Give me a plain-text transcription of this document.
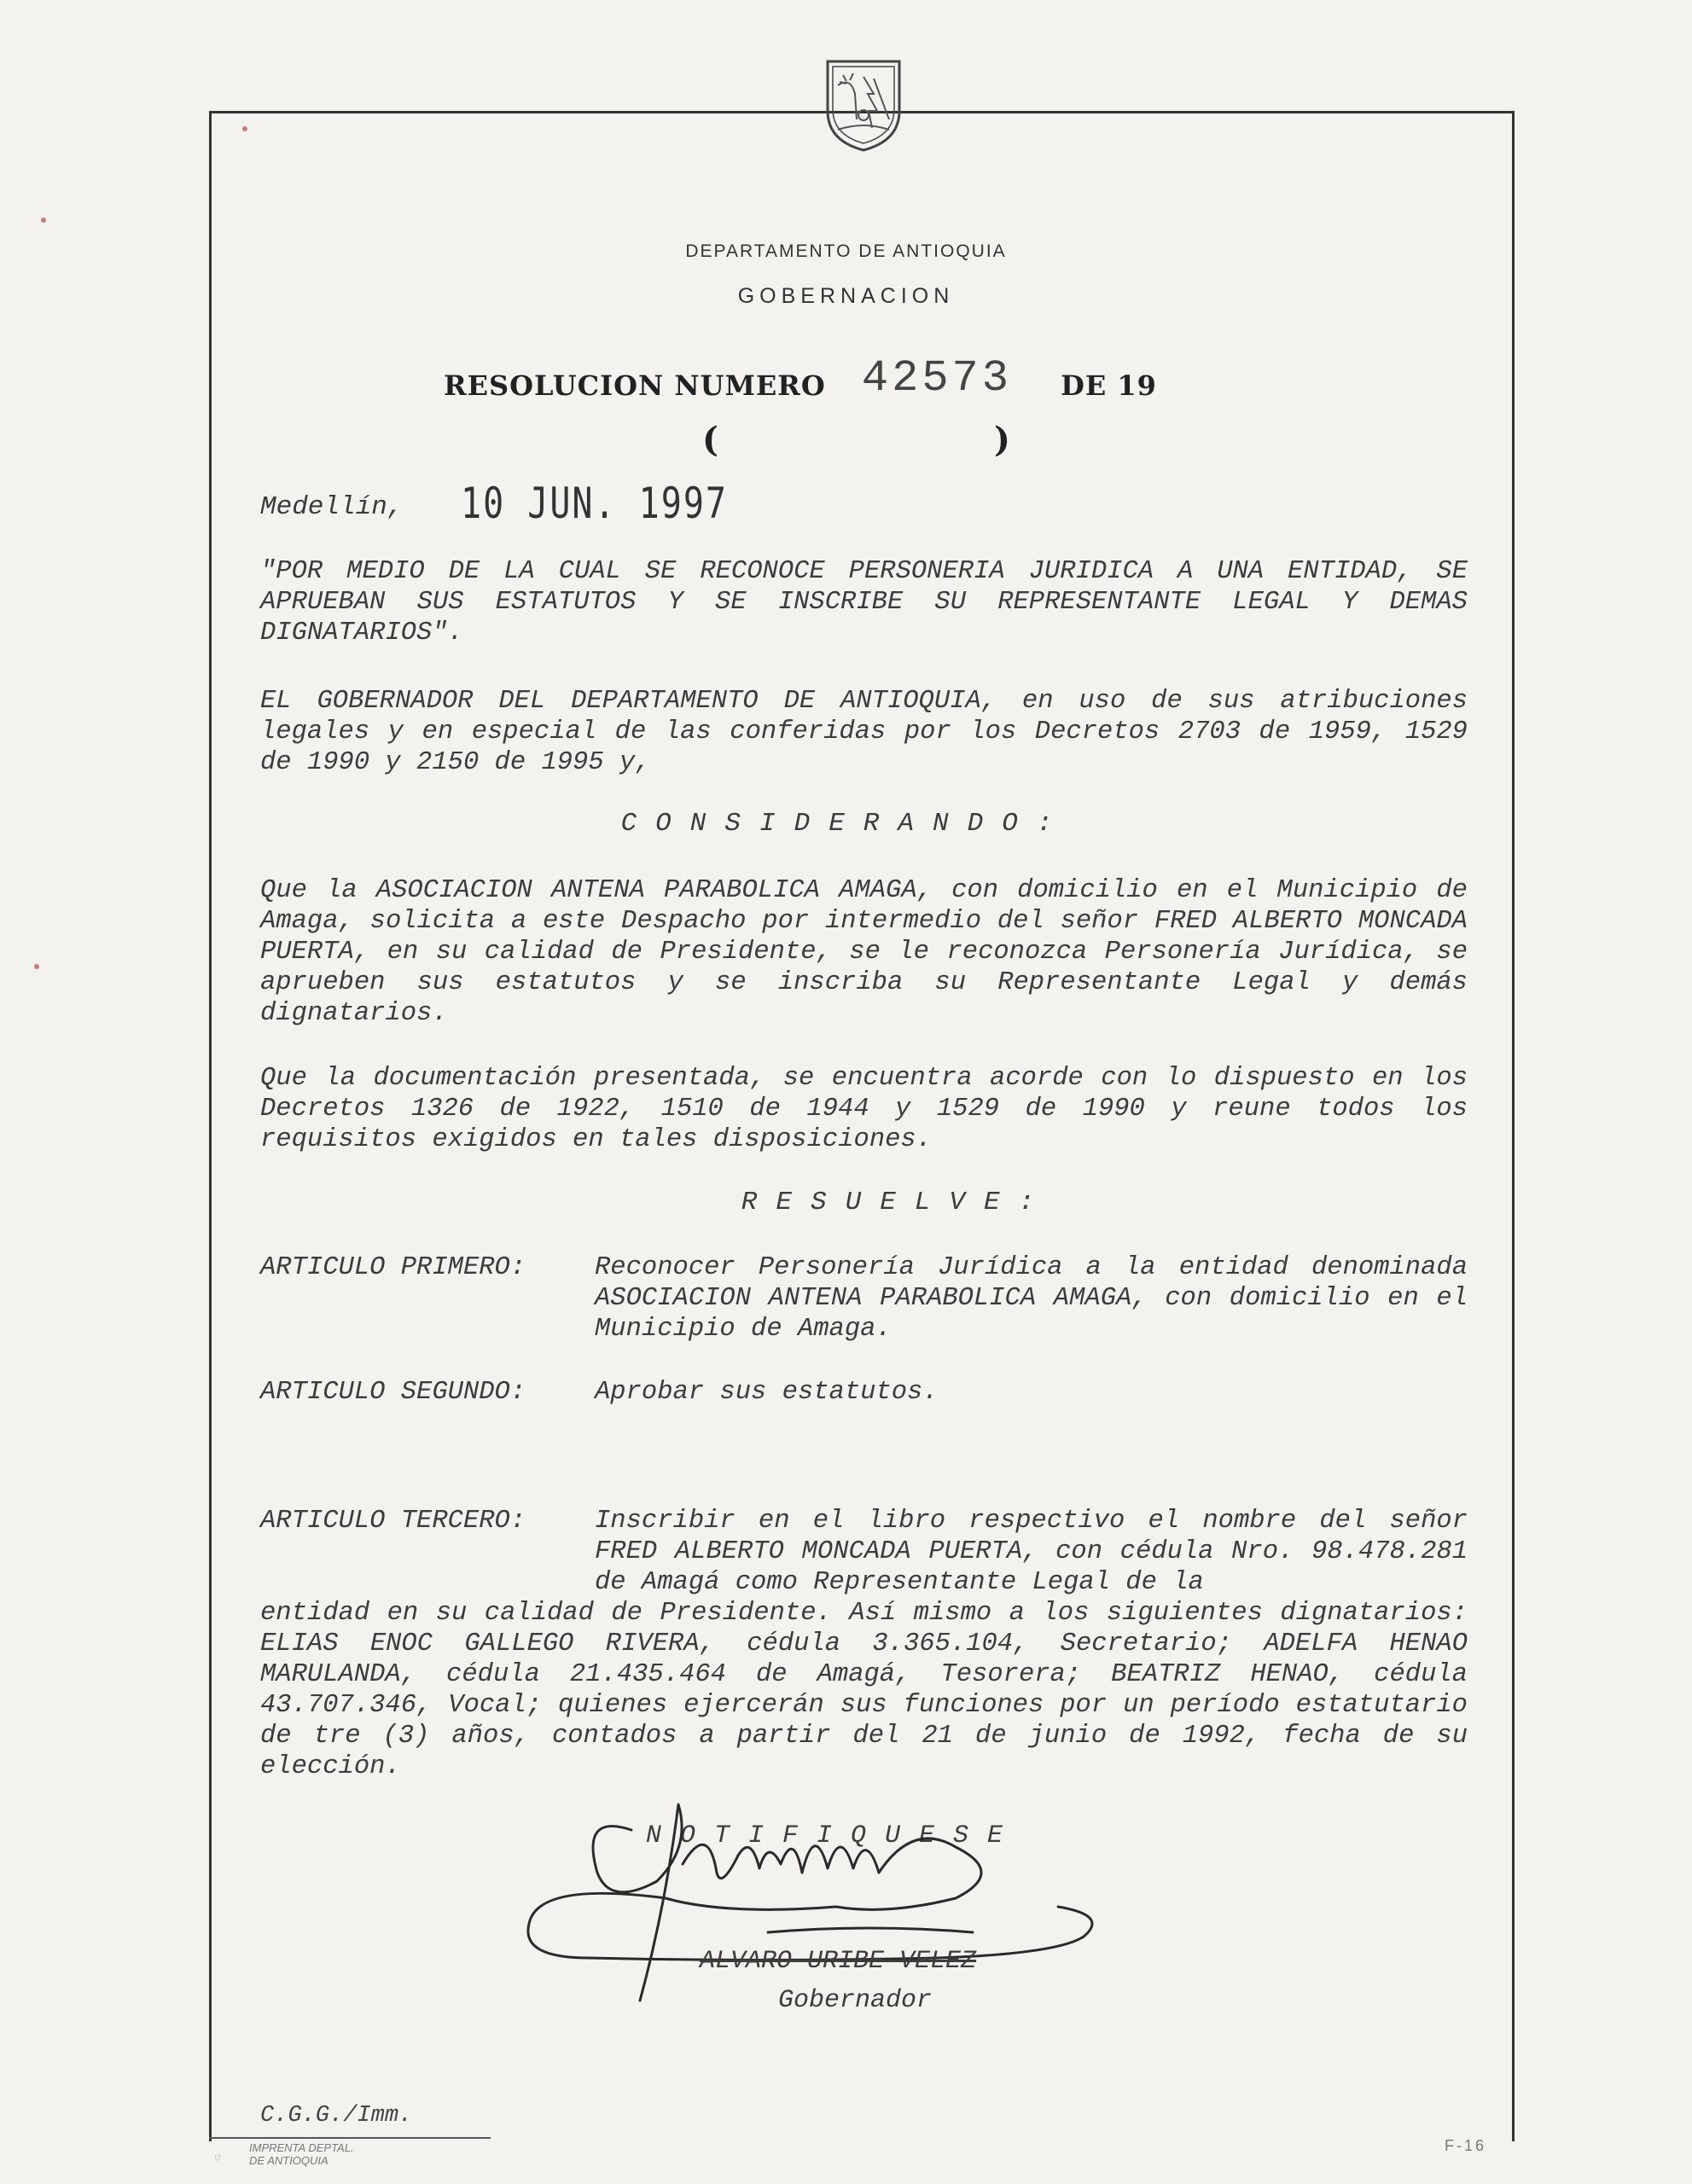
DEPARTAMENTO DE ANTIOQUIA
GOBERNACION
RESOLUCION NUMERO 42573 DE 19
(	)
Medellín, 10 JUN. 1997

"POR MEDIO DE LA CUAL SE RECONOCE PERSONERIA JURIDICA A UNA ENTIDAD, SE APRUEBAN SUS ESTATUTOS Y SE INSCRIBE SU REPRESENTANTE LEGAL Y DEMAS DIGNATARIOS".

EL GOBERNADOR DEL DEPARTAMENTO DE ANTIOQUIA, en uso de sus atribuciones legales y en especial de las conferidas por los Decretos 2703 de 1959, 1529 de 1990 y 2150 de 1995 y,

CONSIDERANDO:

Que la ASOCIACION ANTENA PARABOLICA AMAGA, con domicilio en el Municipio de Amaga, solicita a este Despacho por intermedio del señor FRED ALBERTO MONCADA PUERTA, en su calidad de Presidente, se le reconozca Personería Jurídica, se aprueben sus estatutos y se inscriba su Representante Legal y demás dignatarios.

Que la documentación presentada, se encuentra acorde con lo dispuesto en los Decretos 1326 de 1922, 1510 de 1944 y 1529 de 1990 y reune todos los requisitos exigidos en tales disposiciones.

RESUELVE:
ARTICULO PRIMERO:	Reconocer Personería Jurídica a la entidad denominada ASOCIACION ANTENA PARABOLICA AMAGA, con domicilio en el Municipio de Amaga.

ARTICULO SEGUNDO:	Aprobar sus estatutos.

ARTICULO TERCERO:	Inscribir en el libro respectivo el nombre del señor FRED ALBERTO MONCADA PUERTA, con cédula Nro. 98.478.281 de Amagá como Representante Legal de la

entidad en su calidad de Presidente. Así mismo a los siguientes dignatarios: ELIAS ENOC GALLEGO RIVERA, cédula 3.365.104, Secretario; ADELFA HENAO MARULANDA, cédula 21.435.464 de Amagá, Tesorera; BEATRIZ HENAO, cédula 43.707.346, Vocal; quienes ejercerán sus funciones por un período estatutario de tre (3) años, contados a partir del 21 de junio de 1992, fecha de su elección.

NOTIFIQUESE
ALVARO URIBE VELEZ
Gobernador
C.G.G./Imm.
F-16
IMPRENTA DEPTAL.
DE ANTIOQUIA
